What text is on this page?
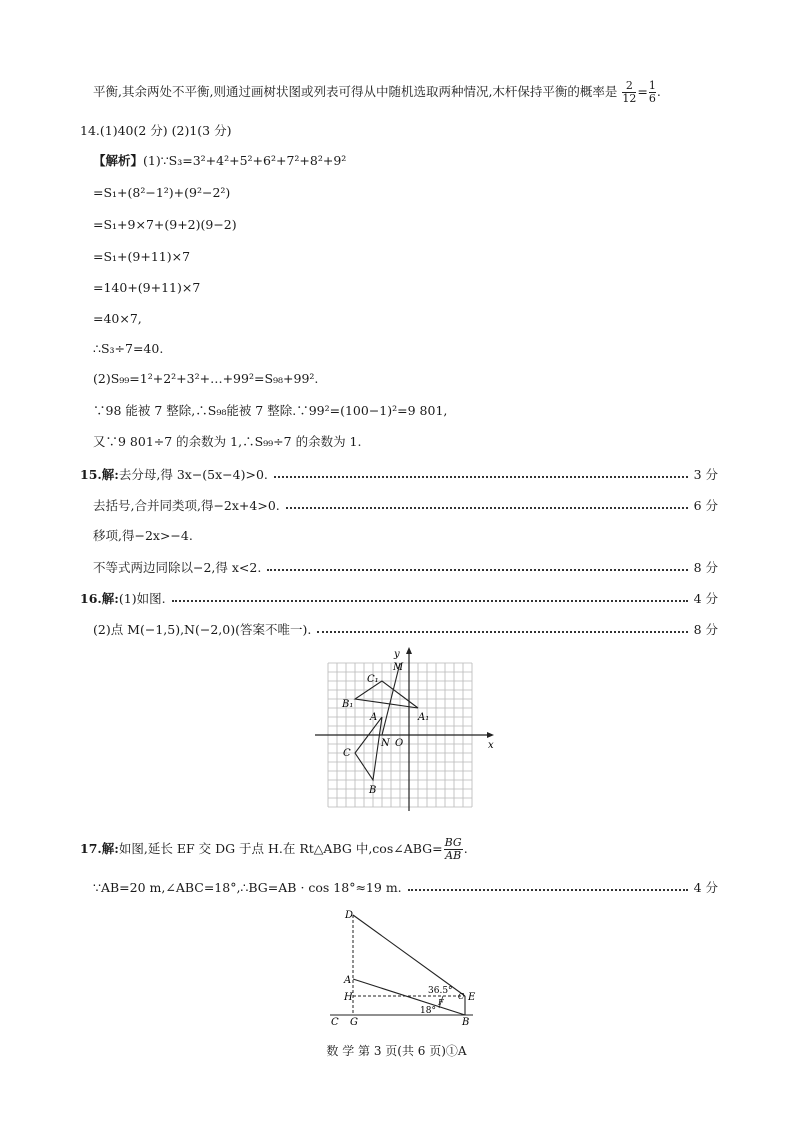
平衡,其余两处不平衡,则通过画树状图或列表可得从中随机选取两种情况,木杆保持平衡的概率是 $\frac{2}{12} = \frac{1}{6}$ .
14.(1)40(2 分) (2)1(3 分)
【解析】(1)∵S₃=3²+4²+5²+6²+7²+8²+9²
=S₁+(8²−1²)+(9²−2²)
=S₁+9×7+(9+2)(9−2)
=S₁+(9+11)×7
=140+(9+11)×7
=40×7,
∴S₃÷7=40.
(2)S₉₉=1²+2²+3²+…+99²=S₉₈+99².
∵98 能被 7 整除,∴S₉₈能被 7 整除.∵99²=(100−1)²=9 801,
又∵9 801÷7 的余数为 1,∴S₉₉÷7 的余数为 1.
15.解:去分母,得 3x−(5x−4)>0.	3 分
去括号,合并同类项,得−2x+4>0.	6 分
移项,得−2x>−4.
不等式两边同除以−2,得 x<2.	8 分
16.解:(1)如图.	4 分
(2)点 M(−1,5),N(−2,0)(答案不唯一).	8 分
y
x
M
C₁
B₁
A₁
A
N O
C
B
17.解:如图,延长 EF 交 DG 于点 H.在 Rt△ABG 中,cos∠ABG= $\frac{BG}{AB}$ .
∵AB=20 m,∠ABC=18°,∴BG=AB · cos 18°≈19 m.	4 分
D
A
H
C G
E
C
F
B
36.5°
18°
数 学 第 3 页(共 6 页)①A
